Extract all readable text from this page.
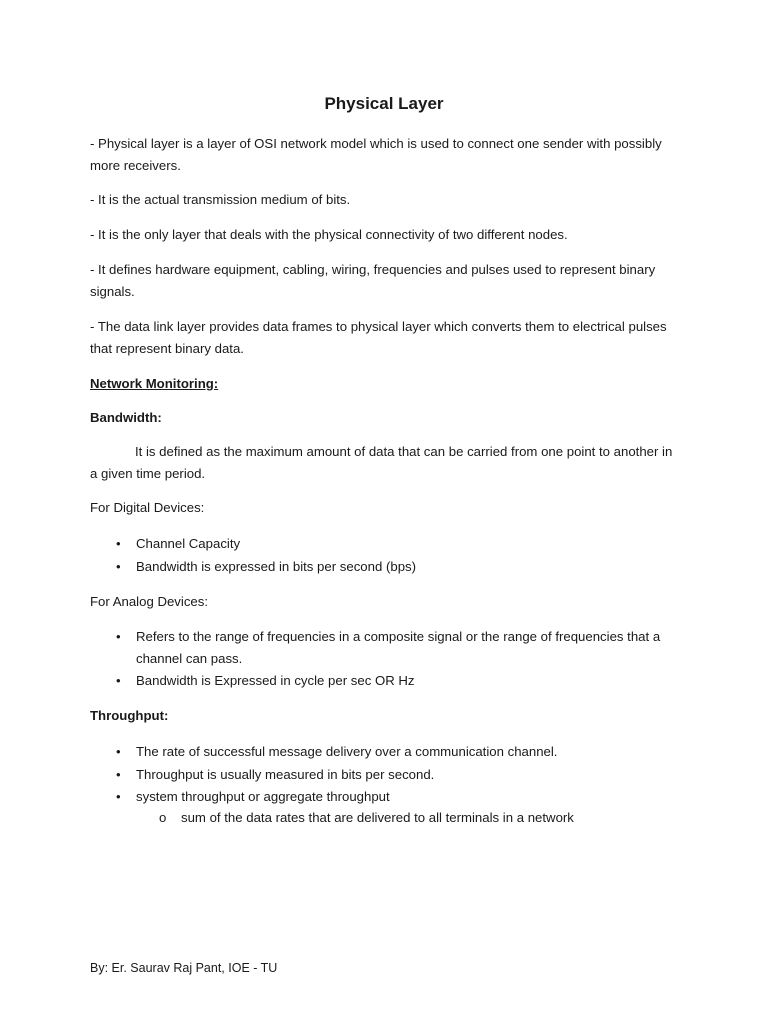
Physical Layer
- Physical layer is a layer of OSI network model which is used to connect one sender with possibly more receivers.
- It is the actual transmission medium of bits.
- It is the only layer that deals with the physical connectivity of two different nodes.
- It defines hardware equipment, cabling, wiring, frequencies and pulses used to represent binary signals.
- The data link layer provides data frames to physical layer which converts them to electrical pulses that represent binary data.
Network Monitoring:
Bandwidth:
It is defined as the maximum amount of data that can be carried from one point to another in a given time period.
For Digital Devices:
• Channel Capacity
• Bandwidth is expressed in bits per second (bps)
For Analog Devices:
• Refers to the range of frequencies in a composite signal or the range of frequencies that a channel can pass.
• Bandwidth is Expressed in cycle per sec OR Hz
Throughput:
• The rate of successful message delivery over a communication channel.
• Throughput is usually measured in bits per second.
• system throughput or aggregate throughput
o sum of the data rates that are delivered to all terminals in a network
By: Er. Saurav Raj Pant, IOE - TU
